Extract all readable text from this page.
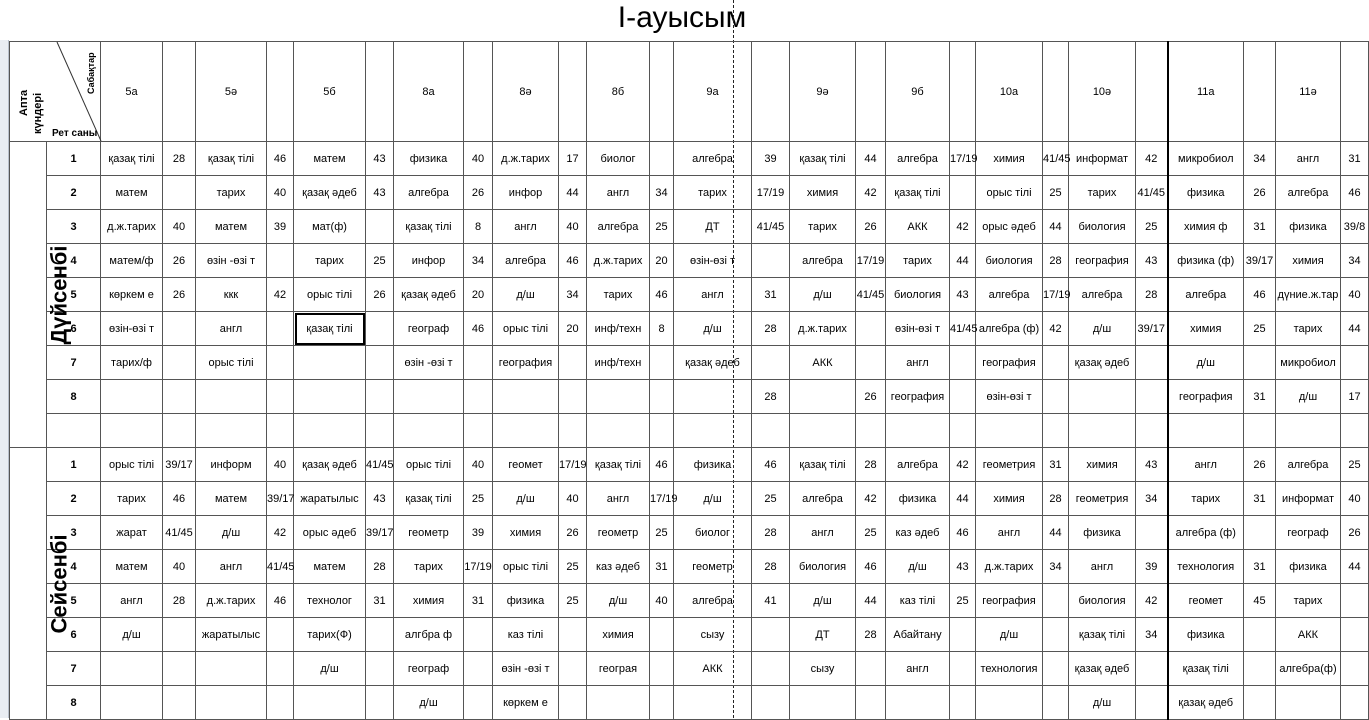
I-ауысым
Апта күндері
Сабақтар
Рет саны		5а		5ә		5б		8а		8ә		8б		9а		9ә		9б		10а		10ә		11а		11ә	
Дүйсенбі	1	қазақ тілі	28	қазақ тілі	46	матем	43	физика	40	д.ж.тарих	17	биолог		алгебра	39	қазақ тілі	44	алгебра	17/19	химия	41/45	информат	42	микробиол	34	англ	31
	2	матем		тарих	40	қазақ әдеб	43	алгебра	26	инфор	44	англ	34	тарих	17/19	химия	42	қазақ тілі		орыс тілі	25	тарих	41/45	физика	26	алгебра	46
	3	д.ж.тарих	40	матем	39	мат(ф)		қазақ тілі	8	англ	40	алгебра	25	ДТ	41/45	тарих	26	АКК	42	орыс әдеб	44	биология	25	химия ф	31	физика	39/8
	4	матем/ф	26	өзін -өзі т		тарих	25	инфор	34	алгебра	46	д.ж.тарих	20	өзін-өзі т		алгебра	17/19	тарих	44	биология	28	география	43	физика (ф)	39/17	химия	34
	5	көркем е	26	ккк	42	орыс тілі	26	қазақ әдеб	20	д/ш	34	тарих	46	англ	31	д/ш	41/45	биология	43	алгебра	17/19	алгебра	28	алгебра	46	дүние.ж.тар	40
	6	өзін-өзі т		англ		қазақ тілі		географ	46	орыс тілі	20	инф/техн	8	д/ш	28	д.ж.тарих		өзін-өзі т	41/45	алгебра (ф)	42	д/ш	39/17	химия	25	тарих	44
	7	тарих/ф		орыс тілі				өзін -өзі т		география		инф/техн		қазақ әдеб		АКК		англ		география		қазақ әдеб		д/ш		микробиол	
	8														28		26	география		өзін-өзі т				география	31	д/ш	17

Сейсенбі	1	орыс тілі	39/17	информ	40	қазақ әдеб	41/45	орыс тілі	40	геомет	17/19	қазақ тілі	46	физика	46	қазақ тілі	28	алгебра	42	геометрия	31	химия	43	англ	26	алгебра	25
	2	тарих	46	матем	39/17	жаратылыс	43	қазақ тілі	25	д/ш	40	англ	17/19	д/ш	25	алгебра	42	физика	44	химия	28	геометрия	34	тарих	31	информат	40
	3	жарат	41/45	д/ш	42	орыс әдеб	39/17	геометр	39	химия	26	геометр	25	биолог	28	англ	25	каз әдеб	46	англ	44	физика		алгебра (ф)		географ	26
	4	матем	40	англ	41/45	матем	28	тарих	17/19	орыс тілі	25	каз әдеб	31	геометр	28	биология	46	д/ш	43	д.ж.тарих	34	англ	39	технология	31	физика	44
	5	англ	28	д.ж.тарих	46	технолог	31	химия	31	физика	25	д/ш	40	алгебра	41	д/ш	44	каз тілі	25	география		биология	42	геомет	45	тарих	
	6	д/ш		жаратылыс		тарих(Ф)		алгбра ф		каз тілі		химия		сызу		ДТ	28	Абайтану		д/ш		қазақ тілі	34	физика		АКК	
	7					д/ш		географ		өзін -өзі т		геограя		АКК		сызу		англ		технология		қазақ әдеб		қазақ тілі		алгебра(ф)	
	8							д/ш		көркем е												д/ш		қазақ әдеб			
